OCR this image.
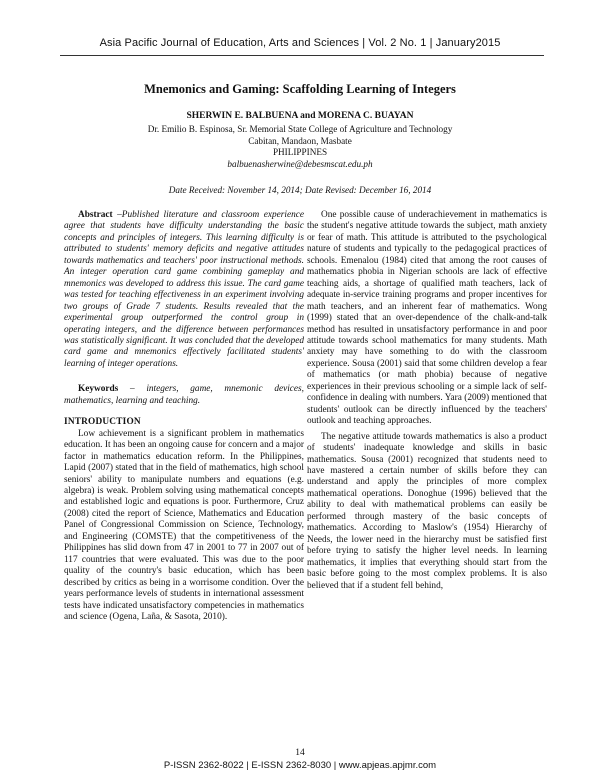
Asia Pacific Journal of Education, Arts and Sciences | Vol. 2 No. 1 | January2015
Mnemonics and Gaming: Scaffolding Learning of Integers
SHERWIN E. BALBUENA and MORENA C. BUAYAN
Dr. Emilio B. Espinosa, Sr. Memorial State College of Agriculture and Technology
Cabitan, Mandaon, Masbate
PHILIPPINES
balbuenasherwine@debesmscat.edu.ph
Date Received: November 14, 2014; Date Revised: December 16, 2014

Abstract –Published literature and classroom experience agree that students have difficulty understanding the basic concepts and principles of integers. This learning difficulty is attributed to students' memory deficits and negative attitudes towards mathematics and teachers' poor instructional methods. An integer operation card game combining gameplay and mnemonics was developed to address this issue. The card game was tested for teaching effectiveness in an experiment involving two groups of Grade 7 students. Results revealed that the experimental group outperformed the control group in operating integers, and the difference between performances was statistically significant. It was concluded that the developed card game and mnemonics effectively facilitated students' learning of integer operations.

Keywords – integers, game, mnemonic devices, mathematics, learning and teaching.

INTRODUCTION

Low achievement is a significant problem in mathematics education. It has been an ongoing cause for concern and a major factor in mathematics education reform. In the Philippines, Lapid (2007) stated that in the field of mathematics, high school seniors' ability to manipulate numbers and equations (e.g. algebra) is weak. Problem solving using mathematical concepts and established logic and equations is poor. Furthermore, Cruz (2008) cited the report of Science, Mathematics and Education Panel of Congressional Commission on Science, Technology, and Engineering (COMSTE) that the competitiveness of the Philippines has slid down from 47 in 2001 to 77 in 2007 out of 117 countries that were evaluated. This was due to the poor quality of the country's basic education, which has been described by critics as being in a worrisome condition. Over the years performance levels of students in international assessment tests have indicated unsatisfactory competencies in mathematics and science (Ogena, Laña, & Sasota, 2010).

One possible cause of underachievement in mathematics is the student's negative attitude towards the subject, math anxiety or fear of math. This attitude is attributed to the psychological nature of students and typically to the pedagogical practices of schools. Emenalou (1984) cited that among the root causes of mathematics phobia in Nigerian schools are lack of effective teaching aids, a shortage of qualified math teachers, lack of adequate in-service training programs and proper incentives for math teachers, and an inherent fear of mathematics. Wong (1999) stated that an over-dependence of the chalk-and-talk method has resulted in unsatisfactory performance in and poor attitude towards school mathematics for many students. Math anxiety may have something to do with the classroom experience. Sousa (2001) said that some children develop a fear of mathematics (or math phobia) because of negative experiences in their previous schooling or a simple lack of self-confidence in dealing with numbers. Yara (2009) mentioned that students' outlook can be directly influenced by the teachers' outlook and teaching approaches.

The negative attitude towards mathematics is also a product of students' inadequate knowledge and skills in basic mathematics. Sousa (2001) recognized that students need to have mastered a certain number of skills before they can understand and apply the principles of more complex mathematical operations. Donoghue (1996) believed that the ability to deal with mathematical problems can easily be performed through mastery of the basic concepts of mathematics. According to Maslow's (1954) Hierarchy of Needs, the lower need in the hierarchy must be satisfied first before trying to satisfy the higher level needs. In learning mathematics, it implies that everything should start from the basic before going to the most complex problems. It is also believed that if a student fell behind,

14
P-ISSN 2362-8022 | E-ISSN 2362-8030 | www.apjeas.apjmr.com
